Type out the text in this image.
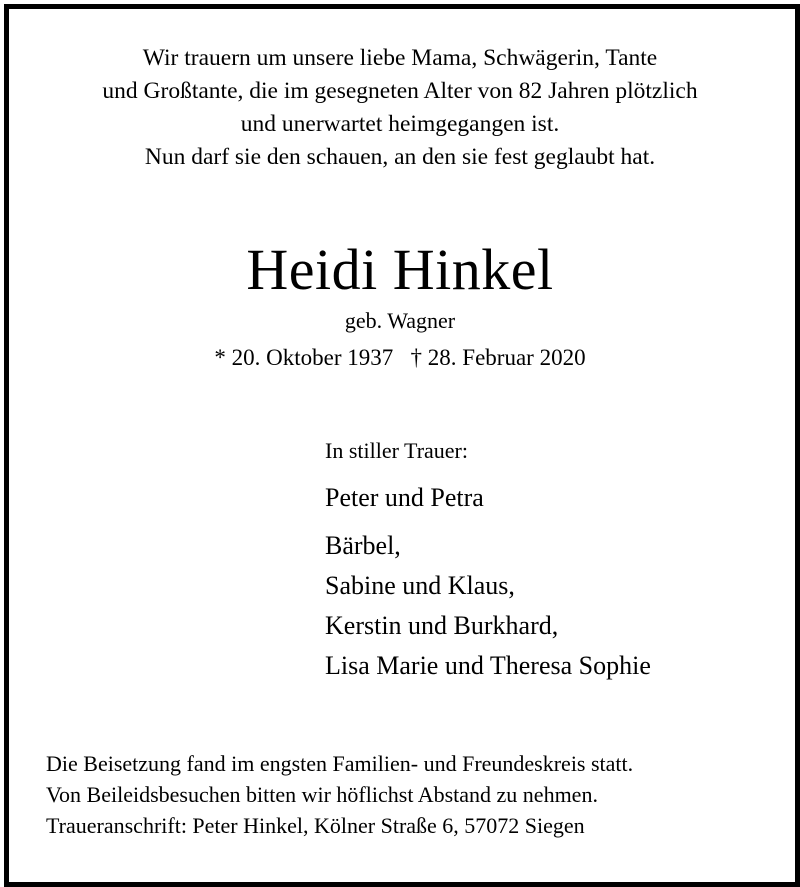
Wir trauern um unsere liebe Mama, Schwägerin, Tante
und Großtante, die im gesegneten Alter von 82 Jahren plötzlich
und unerwartet heimgegangen ist.
Nun darf sie den schauen, an den sie fest geglaubt hat.

Heidi Hinkel
geb. Wagner
* 20. Oktober 1937   † 28. Februar 2020

In stiller Trauer:

Peter und Petra

Bärbel,
Sabine und Klaus,
Kerstin und Burkhard,
Lisa Marie und Theresa Sophie

Die Beisetzung fand im engsten Familien- und Freundeskreis statt.
Von Beileidsbesuchen bitten wir höflichst Abstand zu nehmen.
Traueranschrift: Peter Hinkel, Kölner Straße 6, 57072 Siegen
